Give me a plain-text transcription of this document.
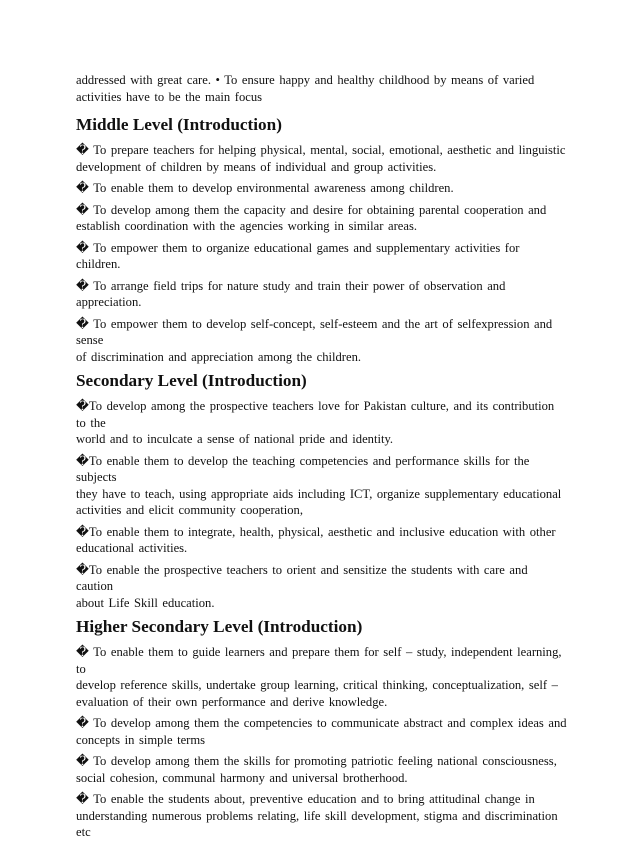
addressed with great care. • To ensure happy and healthy childhood by means of varied
activities have to be the main focus

Middle Level (Introduction)

� To prepare teachers for helping physical, mental, social, emotional, aesthetic and linguistic
development of children by means of individual and group activities.

� To enable them to develop environmental awareness among children.

� To develop among them the capacity and desire for obtaining parental cooperation and
establish coordination with the agencies working in similar areas.

� To empower them to organize educational games and supplementary activities for children.

� To arrange field trips for nature study and train their power of observation and appreciation.

� To empower them to develop self-concept, self-esteem and the art of selfexpression and sense
of discrimination and appreciation among the children.

Secondary Level (Introduction)

�To develop among the prospective teachers love for Pakistan culture, and its contribution to the
world and to inculcate a sense of national pride and identity.

�To enable them to develop the teaching competencies and performance skills for the subjects
they have to teach, using appropriate aids including ICT, organize supplementary educational
activities and elicit community cooperation,

�To enable them to integrate, health, physical, aesthetic and inclusive education with other
educational activities.

�To enable the prospective teachers to orient and sensitize the students with care and caution
about Life Skill education.

Higher Secondary Level (Introduction)

� To enable them to guide learners and prepare them for self – study, independent learning, to
develop reference skills, undertake group learning, critical thinking, conceptualization, self –
evaluation of their own performance and derive knowledge.

� To develop among them the competencies to communicate abstract and complex ideas and
concepts in simple terms

� To develop among them the skills for promoting patriotic feeling national consciousness,
social cohesion, communal harmony and universal brotherhood.

� To enable the students about, preventive education and to bring attitudinal change in
understanding numerous problems relating, life skill development, stigma and discrimination etc
